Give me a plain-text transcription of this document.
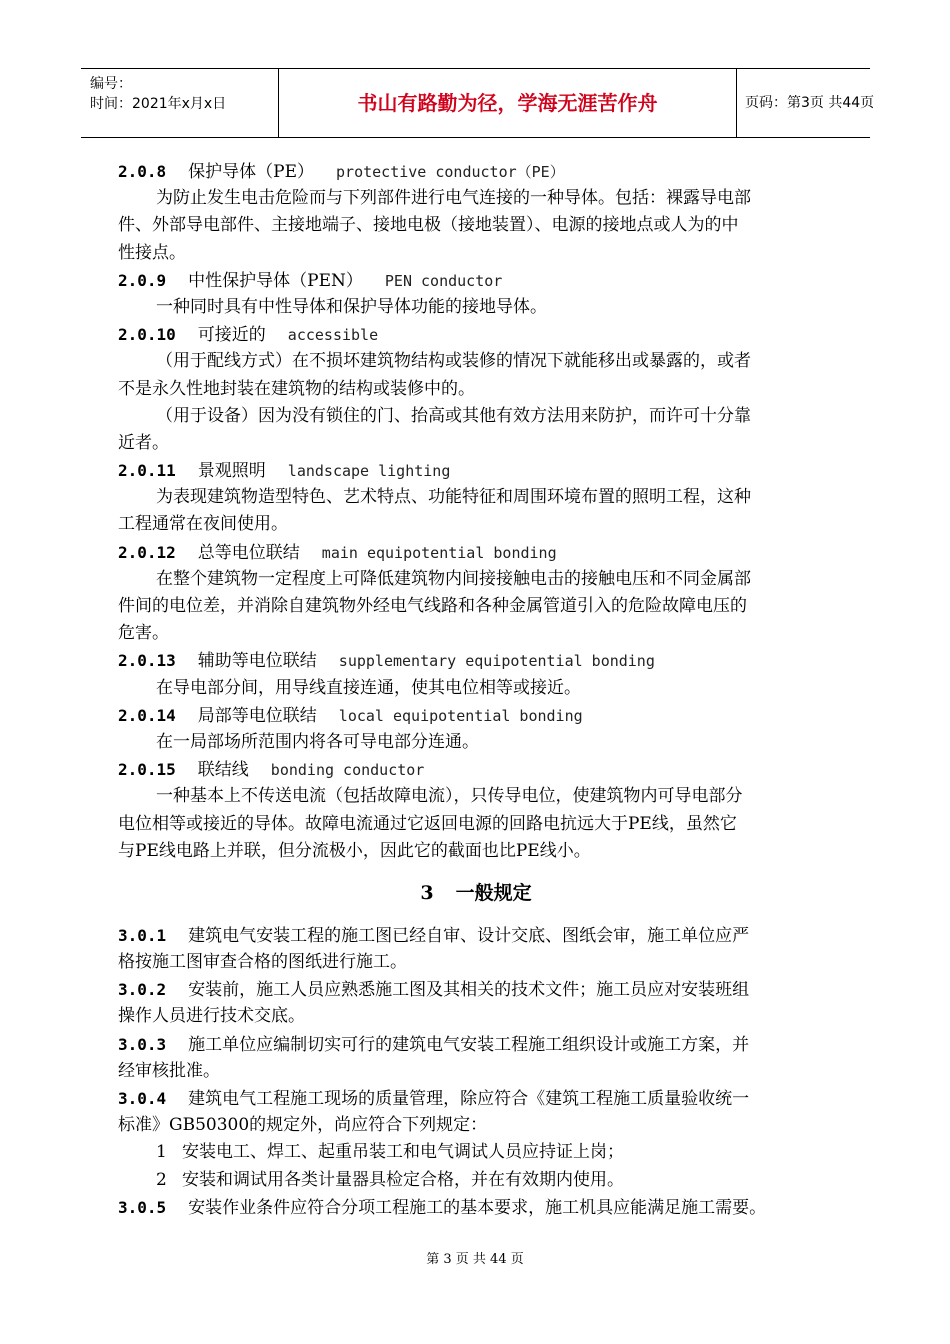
编号：
时间：2021年x月x日	书山有路勤为径，学海无涯苦作舟	页码：第3页 共44页
2.0.8 保护导体（PE） protective conductor（PE）
为防止发生电击危险而与下列部件进行电气连接的一种导体。包括：裸露导电部
件、外部导电部件、主接地端子、接地电极（接地装置）、电源的接地点或人为的中
性接点。
2.0.9 中性保护导体（PEN） PEN conductor
一种同时具有中性导体和保护导体功能的接地导体。
2.0.10 可接近的 accessible
（用于配线方式）在不损坏建筑物结构或装修的情况下就能移出或暴露的，或者
不是永久性地封装在建筑物的结构或装修中的。
（用于设备）因为没有锁住的门、抬高或其他有效方法用来防护，而许可十分靠
近者。
2.0.11 景观照明 landscape lighting
为表现建筑物造型特色、艺术特点、功能特征和周围环境布置的照明工程，这种
工程通常在夜间使用。
2.0.12 总等电位联结 main equipotential bonding
在整个建筑物一定程度上可降低建筑物内间接接触电击的接触电压和不同金属部
件间的电位差，并消除自建筑物外经电气线路和各种金属管道引入的危险故障电压的
危害。
2.0.13 辅助等电位联结 supplementary equipotential bonding
在导电部分间，用导线直接连通，使其电位相等或接近。
2.0.14 局部等电位联结 local equipotential bonding
在一局部场所范围内将各可导电部分连通。
2.0.15 联结线 bonding conductor
一种基本上不传送电流（包括故障电流），只传导电位，使建筑物内可导电部分
电位相等或接近的导体。故障电流通过它返回电源的回路电抗远大于PE线，虽然它
与PE线电路上并联，但分流极小，因此它的截面也比PE线小。
3 一般规定
3.0.1 建筑电气安装工程的施工图已经自审、设计交底、图纸会审，施工单位应严
格按施工图审查合格的图纸进行施工。
3.0.2 安装前，施工人员应熟悉施工图及其相关的技术文件；施工员应对安装班组
操作人员进行技术交底。
3.0.3 施工单位应编制切实可行的建筑电气安装工程施工组织设计或施工方案，并
经审核批准。
3.0.4 建筑电气工程施工现场的质量管理，除应符合《建筑工程施工质量验收统一
标准》GB50300的规定外，尚应符合下列规定：
1 安装电工、焊工、起重吊装工和电气调试人员应持证上岗；
2 安装和调试用各类计量器具检定合格，并在有效期内使用。
3.0.5 安装作业条件应符合分项工程施工的基本要求，施工机具应能满足施工需要。
第 3 页 共 44 页
